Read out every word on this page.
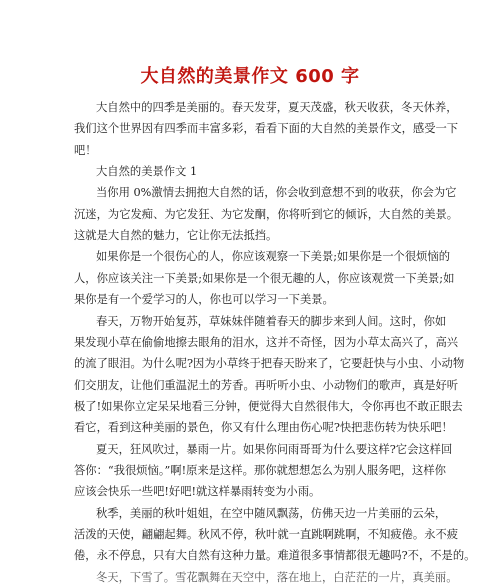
大自然的美景作文 600 字
大自然中的四季是美丽的。春天发芽，夏天茂盛，秋天收获，冬天休养，
我们这个世界因有四季而丰富多彩，看看下面的大自然的美景作文，感受一下
吧！
大自然的美景作文 1
当你用 0%激情去拥抱大自然的话，你会收到意想不到的收获，你会为它
沉迷，为它发痴、为它发狂、为它发酮，你将听到它的倾诉，大自然的美景。
这就是大自然的魅力，它让你无法抵挡。
如果你是一个很伤心的人，你应该观察一下美景;如果你是一个很烦恼的
人，你应该关注一下美景;如果你是一个很无趣的人，你应该观赏一下美景;如
果你是有一个爱学习的人，你也可以学习一下美景。
春天，万物开始复苏，草妹妹伴随着春天的脚步来到人间。这时，你如
果发现小草在偷偷地擦去眼角的泪水，这并不奇怪，因为小草太高兴了，高兴
的流了眼泪。为什么呢?因为小草终于把春天盼来了，它要赶快与小虫、小动物
们交朋友，让他们重温泥土的芳香。再听听小虫、小动物们的歌声，真是好听
极了!如果你立定呆呆地看三分钟，便觉得大自然很伟大，令你再也不敢正眼去
看它，看到这种美丽的景色，你又有什么理由伤心呢?快把悲伤转为快乐吧！
夏天，狂风吹过，暴雨一片。如果你问雨哥哥为什么要这样?它会这样回
答你：“我很烦恼。”啊!原来是这样。那你就想想怎么为别人服务吧，这样你
应该会快乐一些吧!好吧!就这样暴雨转变为小雨。
秋季，美丽的秋叶姐姐，在空中随风飘荡，仿佛天边一片美丽的云朵，
活泼的天使，翩翩起舞。秋风不停，秋叶就一直跳啊跳啊，不知疲倦。永不疲
倦，永不停息，只有大自然有这种力量。难道很多事情都很无趣吗?不，不是的。
冬天，下雪了。雪花飘舞在天空中，落在地上，白茫茫的一片，真美丽。
